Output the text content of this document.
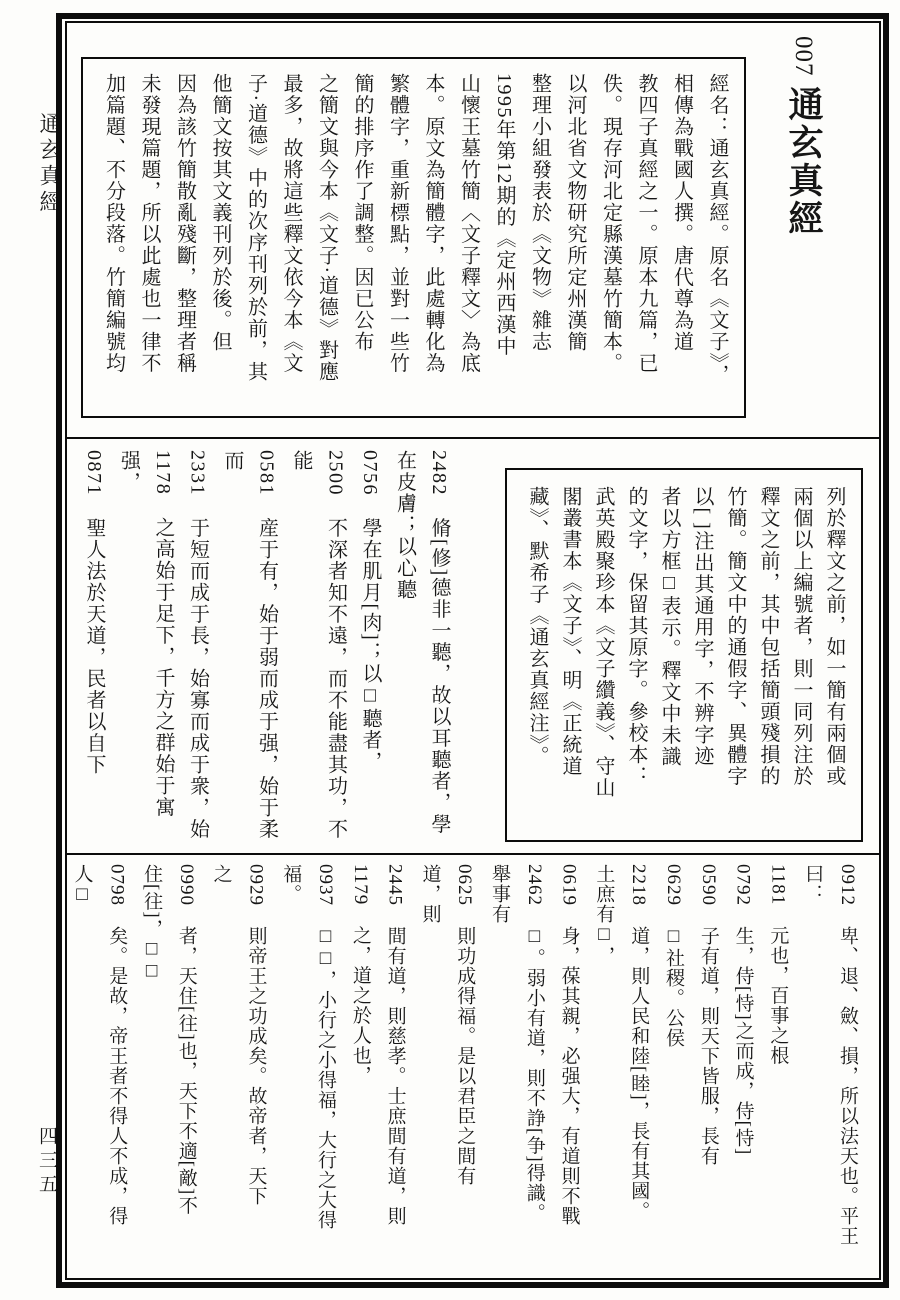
通玄真經
四三五
007
通玄真經
經名：通玄真經。原名《文子》，
相傳為戰國人撰。唐代尊為道
教四子真經之一。原本九篇，已
佚。現存河北定縣漢墓竹簡本。
以河北省文物研究所定州漢簡
整理小組發表於《文物》雜志
1995年第12期的《定州西漢中
山懷王墓竹簡〈文子釋文〉為底
本。原文為簡體字，此處轉化為
繁體字，重新標點，並對一些竹
簡的排序作了調整。因已公布
之簡文與今本《文子·道德》對應
最多，故將這些釋文依今本《文
子·道德》中的次序刊列於前，其
他簡文按其文義刊列於後。但
因為該竹簡散亂殘斷，整理者稱
未發現篇題，所以此處也一律不
加篇題、不分段落。竹簡編號均
列於釋文之前，如一簡有兩個或
兩個以上編號者，則一同列注於
釋文之前，其中包括簡頭殘損的
竹簡。簡文中的通假字、異體字
以[ ]注出其通用字，不辨字迹
者以方框□表示。釋文中未識
的文字，保留其原字。參校本：
武英殿聚珍本《文子纘義》、守山
閣叢書本《文子》、明《正統道
藏》、默希子《通玄真經注》。
2482　脩[修]德非一聽，故以耳聽者，學
在皮膚；以心聽
0756　學在肌月[肉]；以□聽者，
2500　不深者知不遠，而不能盡其功，不
能
0581　産于有，始于弱而成于强，始于柔
而
2331　于短而成于長，始寡而成于衆，始
1178　之高始于足下，千方之群始于寓
强，
0871　聖人法於天道，民者以自下
0912　卑、退、斂、損，所以法天也。平王
曰：
1181　元也，百事之根
0792　生，侍[恃]之而成，侍[恃]
0590　子有道，則天下皆服，長有
0629　□社稷。公侯
2218　道，則人民和陸[睦]，長有其國。
土庶有□，
0619　身，葆其親，必强大，有道則不戰
2462　□。弱小有道，則不諍[争]得識。
舉事有
0625　則功成得福。是以君臣之間有
道，則
2445　間有道，則慈孝。士庶間有道，則
1179　之，道之於人也，
0937　□□，小行之小得福，大行之大得
福。
0929　則帝王之功成矣。故帝者，天下
之
0990　者，天住[往]也，天下不適[敵]不
住[往]，□□
0798　矣。是故，帝王者不得人不成，得
人□
